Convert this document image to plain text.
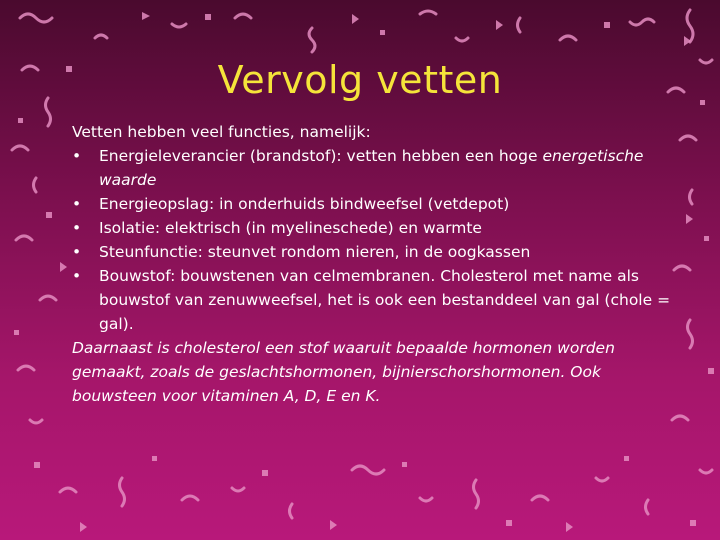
Vervolg vetten

Vetten hebben veel functies, namelijk:

• Energieleverancier (brandstof): vetten hebben een hoge energetische waarde
• Energieopslag: in onderhuids bindweefsel (vetdepot)
• Isolatie: elektrisch (in myelineschede) en warmte
• Steunfunctie: steunvet rondom nieren, in de oogkassen
• Bouwstof: bouwstenen van celmembranen. Cholesterol met name als bouwstof van zenuwweefsel, het is ook een bestanddeel van gal (chole = gal).

Daarnaast is cholesterol een stof waaruit bepaalde hormonen worden gemaakt, zoals de geslachtshormonen, bijnierschorshormonen. Ook bouwsteen voor vitaminen A, D, E en K.
